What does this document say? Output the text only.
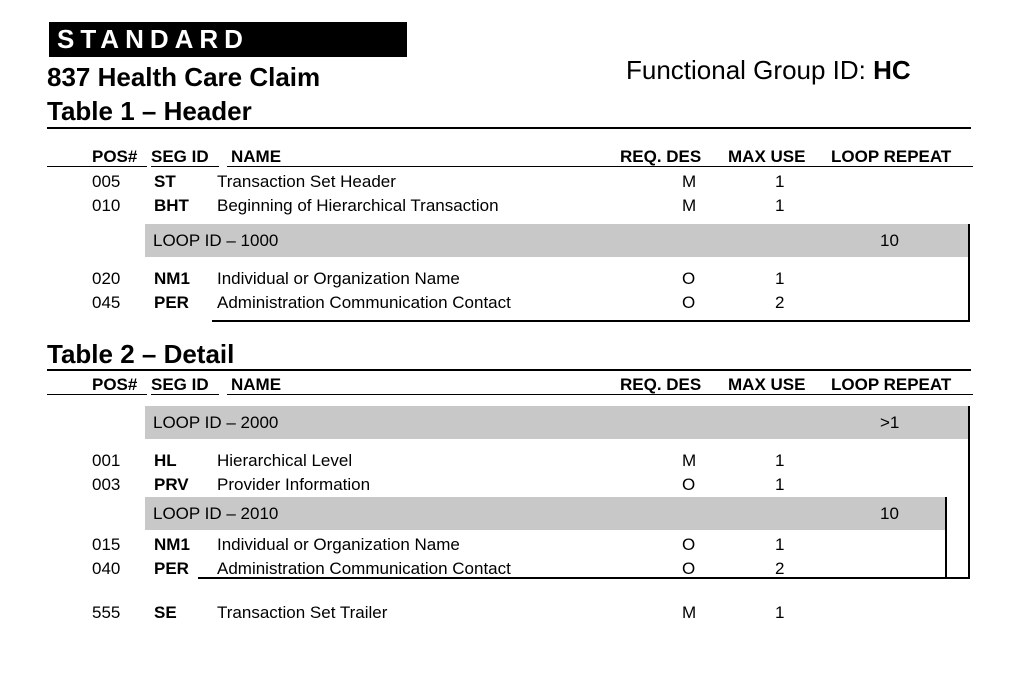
STANDARD
837 Health Care Claim	Functional Group ID: HC
Table 1 – Header
POS# SEG ID NAME	REQ. DES MAX USE LOOP REPEAT
005 ST Transaction Set Header	M	1
010 BHT Beginning of Hierarchical Transaction	M	1
LOOP ID – 1000	10
020 NM1 Individual or Organization Name	O	1
045 PER Administration Communication Contact	O	2
Table 2 – Detail
POS# SEG ID NAME	REQ. DES MAX USE LOOP REPEAT
LOOP ID – 2000	>1
001 HL Hierarchical Level	M	1
003 PRV Provider Information	O	1
LOOP ID – 2010	10
015 NM1 Individual or Organization Name	O	1
040 PER Administration Communication Contact	O	2
555 SE Transaction Set Trailer	M	1
